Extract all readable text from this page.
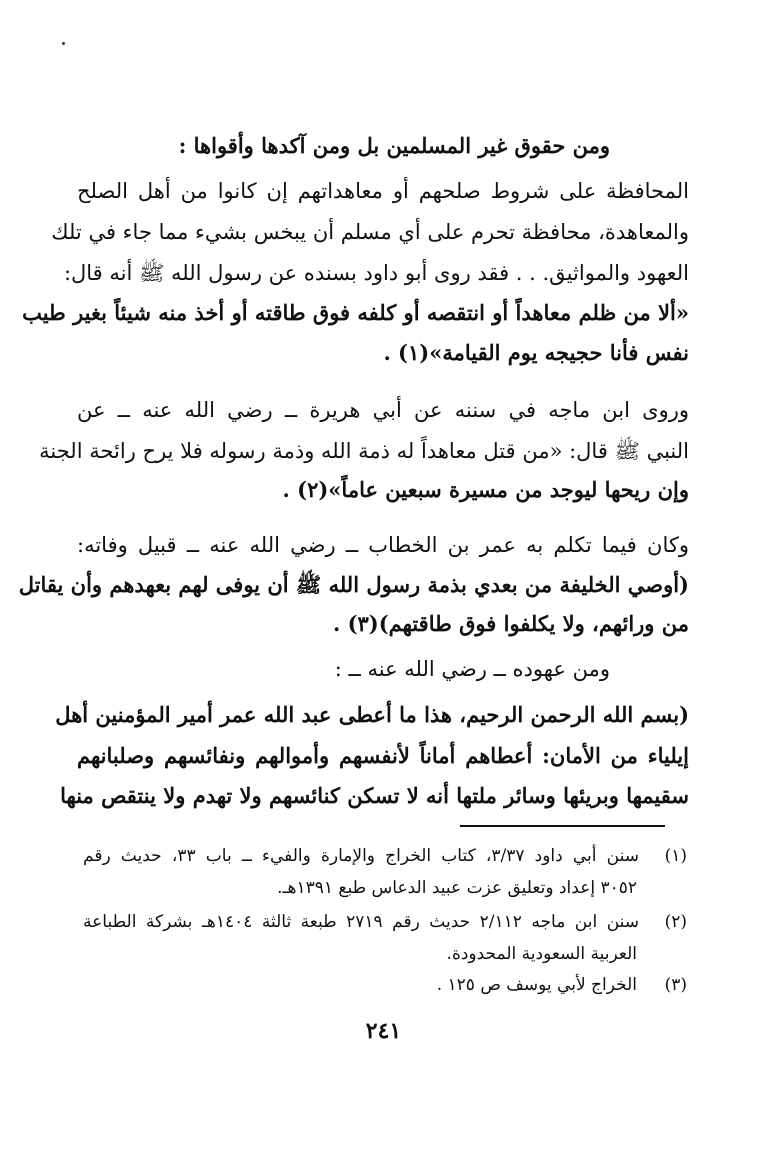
ومن حقوق غير المسلمين بل ومن آكدها وأقواها :
المحافظة على شروط صلحهم أو معاهداتهم إن كانوا من أهل الصلح
والمعاهدة، محافظة تحرم على أي مسلم أن يبخس بشيء مما جاء في تلك
العهود والمواثيق. . . فقد روى أبو داود بسنده عن رسول الله ﷺ أنه قال:
«ألا من ظلم معاهداً أو انتقصه أو كلفه فوق طاقته أو أخذ منه شيئاً بغير طيب
نفس فأنا حجيجه يوم القيامة»(١) .
وروى ابن ماجه في سننه عن أبي هريرة ــ رضي الله عنه ــ عن
النبي ﷺ قال: «من قتل معاهداً له ذمة الله وذمة رسوله فلا يرح رائحة الجنة
وإن ريحها ليوجد من مسيرة سبعين عاماً»(٢) .
وكان فيما تكلم به عمر بن الخطاب ــ رضي الله عنه ــ قبيل وفاته:
(أوصي الخليفة من بعدي بذمة رسول الله ﷺ أن يوفى لهم بعهدهم وأن يقاتل
من ورائهم، ولا يكلفوا فوق طاقتهم)(٣) .
ومن عهوده ــ رضي الله عنه ــ :
(بسم الله الرحمن الرحيم، هذا ما أعطى عبد الله عمر أمير المؤمنين أهل
إيلياء من الأمان: أعطاهم أماناً لأنفسهم وأموالهم ونفائسهم وصلبانهم
سقيمها وبريئها وسائر ملتها أنه لا تسكن كنائسهم ولا تهدم ولا ينتقص منها
(١)
سنن أبي داود ٣/٣٧، كتاب الخراج والإمارة والفيء ــ باب ٣٣، حديث رقم
٣٠٥٢ إعداد وتعليق عزت عبيد الدعاس طبع ١٣٩١هـ.
(٢)
سنن ابن ماجه ٢/١١٢ حديث رقم ٢٧١٩ طبعة ثالثة ١٤٠٤هـ بشركة الطباعة
العربية السعودية المحدودة.
(٣)
الخراج لأبي يوسف ص ١٢٥ .
٢٤١
